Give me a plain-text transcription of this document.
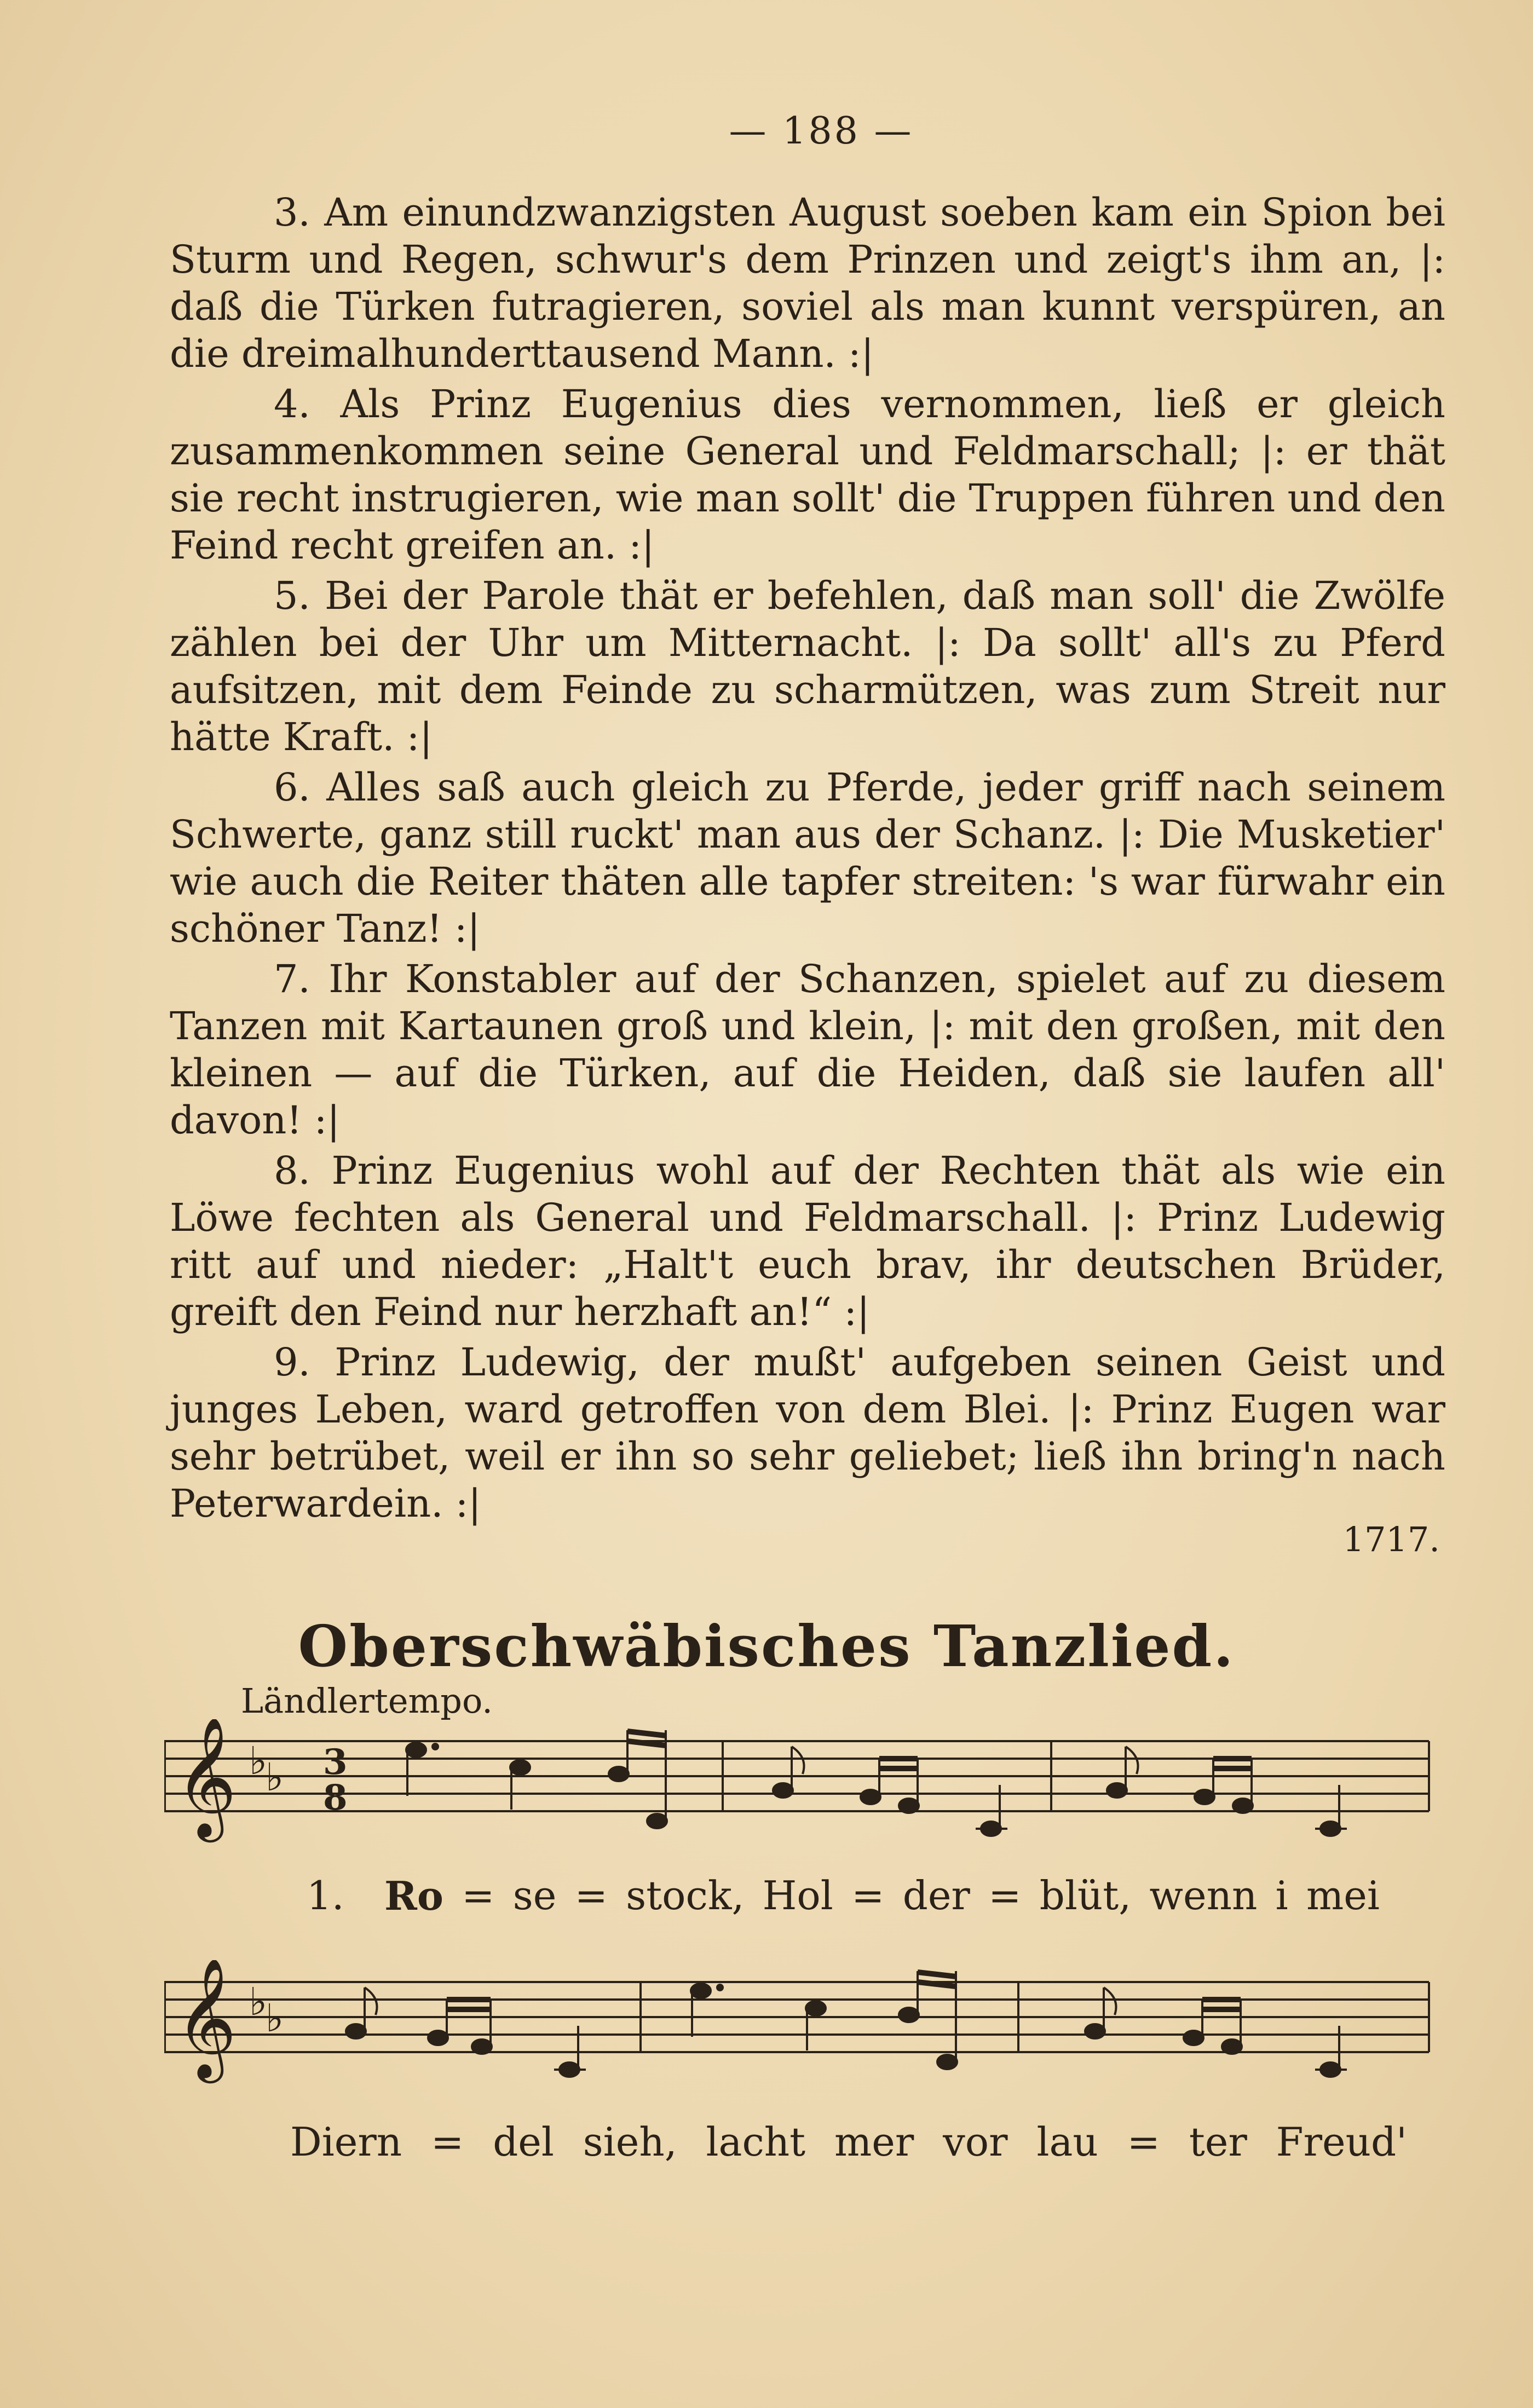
— 188 —

3. Am einundzwanzigsten August soeben kam ein Spion bei Sturm und Regen, schwur's dem Prinzen und zeigt's ihm an, |: daß die Türken futragieren, soviel als man kunnt verspüren, an die dreimalhunderttausend Mann. :|

4. Als Prinz Eugenius dies vernommen, ließ er gleich zusammenkommen seine General und Feldmarschall; |: er thät sie recht instrugieren, wie man sollt' die Truppen führen und den Feind recht greifen an. :|

5. Bei der Parole thät er befehlen, daß man soll' die Zwölfe zählen bei der Uhr um Mitternacht. |: Da sollt' all's zu Pferd aufsitzen, mit dem Feinde zu scharmützen, was zum Streit nur hätte Kraft. :|

6. Alles saß auch gleich zu Pferde, jeder griff nach seinem Schwerte, ganz still ruckt' man aus der Schanz. |: Die Musketier' wie auch die Reiter thäten alle tapfer streiten: 's war fürwahr ein schöner Tanz! :|

7. Ihr Konstabler auf der Schanzen, spielet auf zu diesem Tanzen mit Kartaunen groß und klein, |: mit den großen, mit den kleinen — auf die Türken, auf die Heiden, daß sie laufen all' davon! :|

8. Prinz Eugenius wohl auf der Rechten thät als wie ein Löwe fechten als General und Feldmarschall. |: Prinz Ludewig ritt auf und nieder: „Halt't euch brav, ihr deutschen Brüder, greift den Feind nur herzhaft an!“ :|

9. Prinz Ludewig, der mußt' aufgeben seinen Geist und junges Leben, ward getroffen von dem Blei. |: Prinz Eugen war sehr betrübet, weil er ihn so sehr geliebet; ließ ihn bring'n nach Peterwardein. :|

1717.
Oberschwäbisches Tanzlied.
Ländlertempo.
𝄞 ♭
♭ 3
8
1. Ro = se = stock, Hol = der = blüt, wenn i mei
𝄞 ♭
♭
Diern = del sieh, lacht mer vor lau = ter Freud'
